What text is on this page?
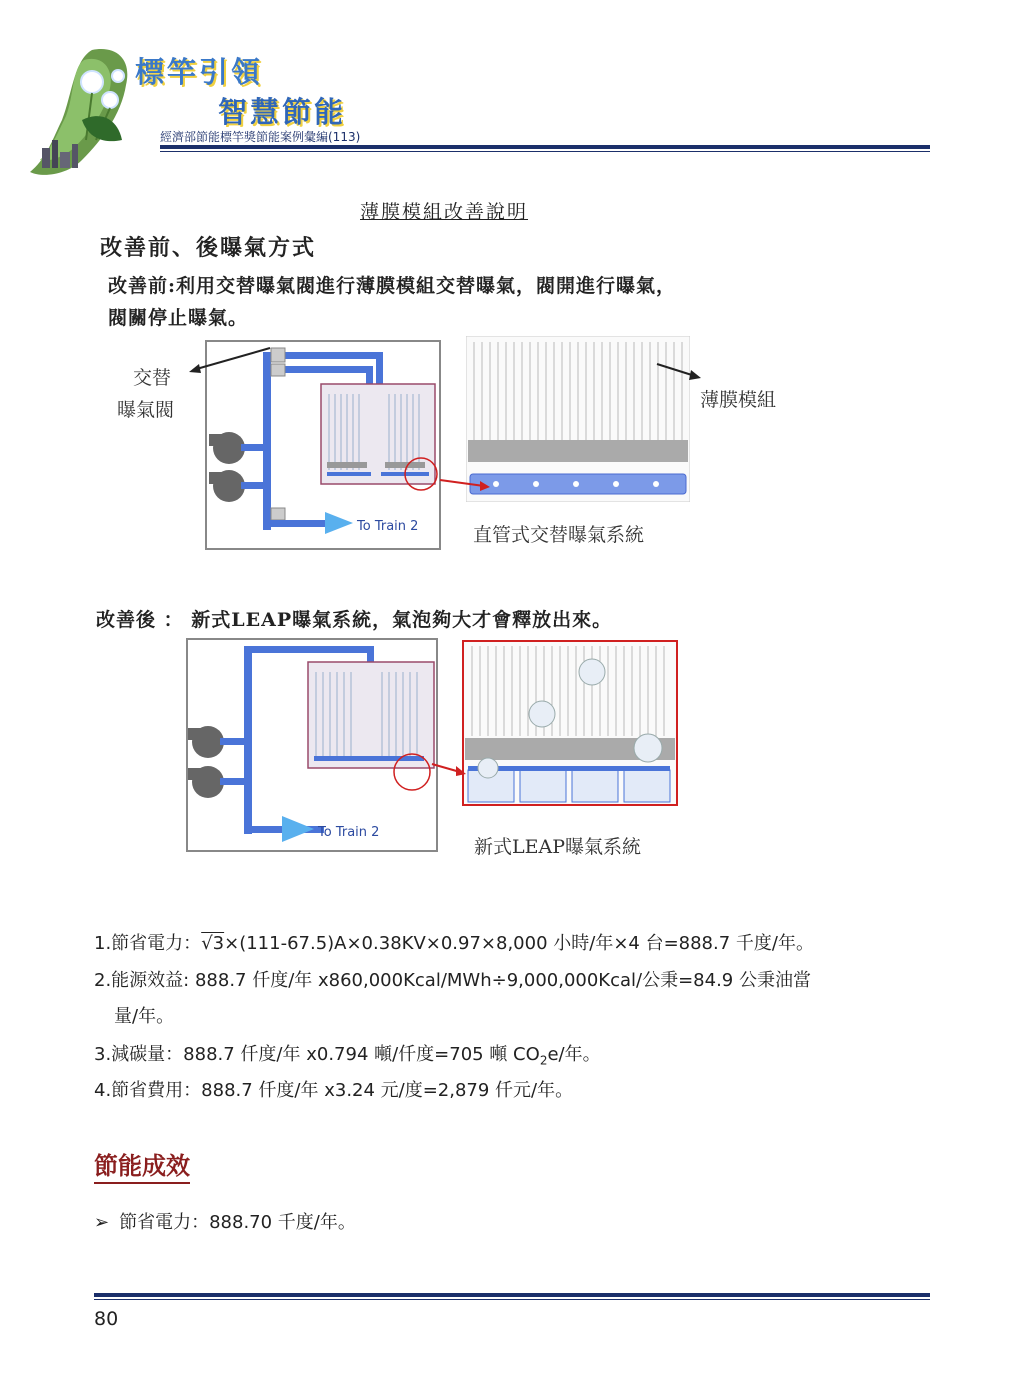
標竿引領
智慧節能
經濟部節能標竿獎節能案例彙編(113)
薄膜模組改善說明
改善前、後曝氣方式
改善前:利用交替曝氣閥進行薄膜模組交替曝氣，閥開進行曝氣，
閥關停止曝氣。
To Train 2
交替
曝氣閥	薄膜模組
直管式交替曝氣系統
改善後 ： 新式LEAP曝氣系統，氣泡夠大才會釋放出來。
To Train 2
新式LEAP曝氣系統
1.節省電力：√3×(111-67.5)A×0.38KV×0.97×8,000 小時/年×4 台=888.7 千度/年。
2.能源效益: 888.7 仟度/年 x860,000Kcal/MWh÷9,000,000Kcal/公秉=84.9 公秉油當
量/年。
3.減碳量：888.7 仟度/年 x0.794 噸/仟度=705 噸 $CO_2e/$年。
4.節省費用：888.7 仟度/年 x3.24 元/度=2,879 仟元/年。
節能成效
➢ 節省電力：888.70 千度/年。
80
